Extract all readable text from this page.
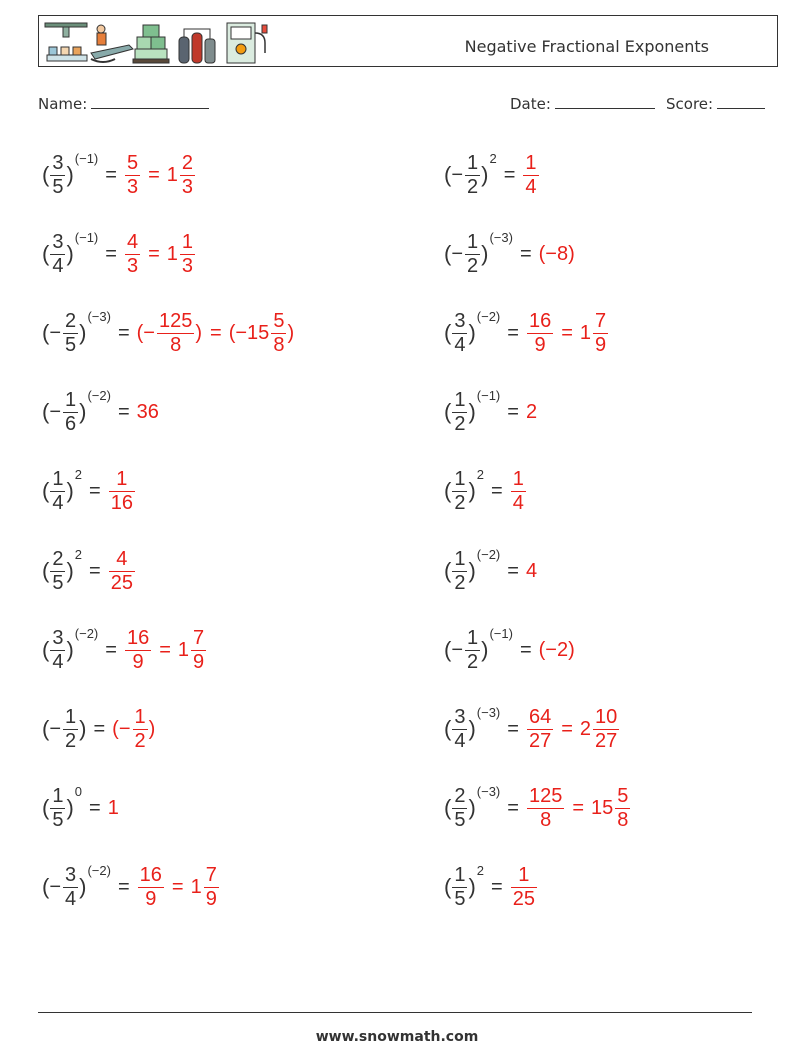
Negative Fractional Exponents
Name:	Date:	Score:
( $\frac{3}{5}$ )
(−1)
= $\frac{5}{3} = 1 \frac{2}{3}$	( − $\frac{1}{2}$ )
2
= $\frac{1}{4}$
( $\frac{3}{4}$ )
(−1)
= $\frac{4}{3} = 1 \frac{1}{3}$	( − $\frac{1}{2}$ )
(−3)
= (−8)
( − $\frac{2}{5}$ )
(−3)
= (− $\frac{125}{8}$ ) = ($-15 \frac{5}{8}$ )	( $\frac{3}{4}$ )
(−2)
= $\frac{16}{9} = 1 \frac{7}{9}$
( − $\frac{1}{6}$ )
(−2)
= 36	( $\frac{1}{2}$ )
(−1)
= 2
( $\frac{1}{4}$ )
2
= $\frac{1}{16}$	( $\frac{1}{2}$ )
2
= $\frac{1}{4}$
( $\frac{2}{5}$ )
2
= $\frac{4}{25}$	( $\frac{1}{2}$ )
(−2)
= 4
( $\frac{3}{4}$ )
(−2)
= $\frac{16}{9} = 1 \frac{7}{9}$	( − $\frac{1}{2}$ )
(−1)
= (−2)
( − $\frac{1}{2}$ ) = (− $\frac{1}{2}$ )	( $\frac{3}{4}$ )
(−3)
= $\frac{64}{27} = 2 \frac{10}{27}$
( $\frac{1}{5}$ )
0
= 1	( $\frac{2}{5}$ )
(−3)
= $\frac{125}{8} = 15 \frac{5}{8}$
( − $\frac{3}{4}$ )
(−2)
= $\frac{16}{9} = 1 \frac{7}{9}$	( $\frac{1}{5}$ )
2
= $\frac{1}{25}$
www.snowmath.com
